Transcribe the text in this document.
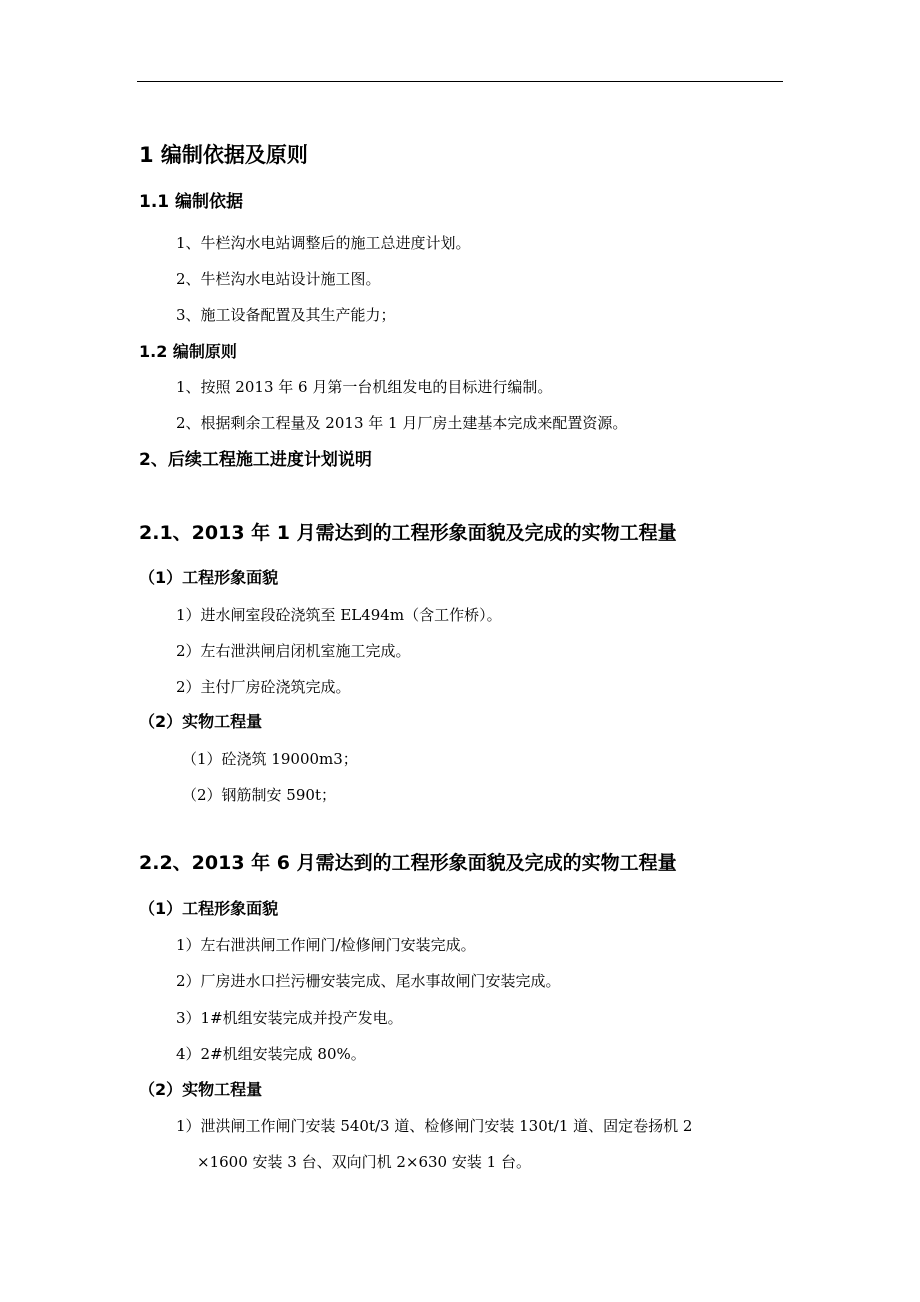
1 编制依据及原则
1.1 编制依据
1、牛栏沟水电站调整后的施工总进度计划。
2、牛栏沟水电站设计施工图。
3、施工设备配置及其生产能力；
1.2 编制原则
1、按照 2013 年 6 月第一台机组发电的目标进行编制。
2、根据剩余工程量及 2013 年 1 月厂房土建基本完成来配置资源。
2、后续工程施工进度计划说明
2.1、2013 年 1 月需达到的工程形象面貌及完成的实物工程量
（1）工程形象面貌
1）进水闸室段砼浇筑至 EL494m（含工作桥）。
2）左右泄洪闸启闭机室施工完成。
2）主付厂房砼浇筑完成。
（2）实物工程量
（1）砼浇筑 19000m3；
（2）钢筋制安 590t；
2.2、2013 年 6 月需达到的工程形象面貌及完成的实物工程量
（1）工程形象面貌
1）左右泄洪闸工作闸门/检修闸门安装完成。
2）厂房进水口拦污栅安装完成、尾水事故闸门安装完成。
3）1#机组安装完成并投产发电。
4）2#机组安装完成 80%。
（2）实物工程量
1）泄洪闸工作闸门安装 540t/3 道、检修闸门安装 130t/1 道、固定卷扬机 2
×1600 安装 3 台、双向门机 2×630 安装 1 台。
